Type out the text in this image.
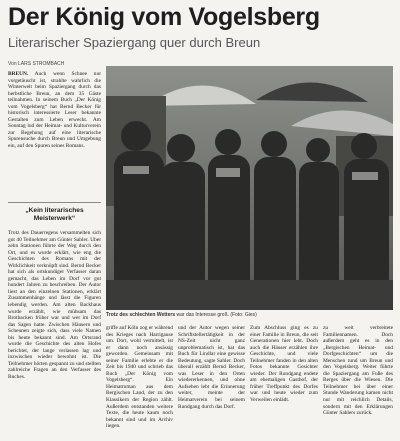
Der König vom Vogelsberg
Literarischer Spaziergang quer durch Breun
Von LARS STROMBACH
BREUN. Auch wenn Schnee nur vorgetäuscht ist, strahlte wahrlich die Winterwelt beim Spaziergang durch das herbstliche Breun, an dem 35 Gäste teilnahmen. In seinem Buch „Der König vom Vogelsberg“ hat Bernd Becker für historisch interessierte Leser bekannte Gestalten zum Leben erweckt. Am Sonntag lud der Heimat- und Kulturverein zur Begehung auf eine literarische Spurensuche durch Breun und Umgebung ein, auf den Spuren seines Romans.
„Kein literarisches Meisterwerk“

Trotz des Dauerregens versammelten sich gut 40 Teilnehmer am Günter Sahler. Uber zehn Stationen führte der Weg durch den Ort, und es wurde erklärt, wie eng die Geschichten des Romans mit der Wirklichkeit verknüpft sind. Bernd Becker hat sich als ortskundiger Verfasser daran gemacht, das Leben im Dorf vor gut hundert Jahren zu beschreiben. Der Autor liest an den einzelnen Stationen, erklärt Zusammenhänge und lässt die Figuren lebendig werden. Am alten Backhaus wurde erzählt, wie mühsam das Brotbacken früher war und wer im Dorf das Sagen hatte. Zwischen Häusern und Scheunen zeigte sich, dass viele Namen bis heute bekannt sind. Am Ortsrand wurde die Geschichte des alten Hofes berichtet, der lange verlassen lag und inzwischen wieder bewohnt ist. Die Teilnehmer hörten gespannt zu und stellten zahlreiche Fragen an den Verfasser des Buches.

Trotz des schlechten Wetters war das Interesse groß. (Foto: Gies)

griffe auf Köln zog er während des Krieges nach Harrigause um. Dort, wohl vermittelt, ist er dann noch ansässig geworden. Gemeinsam mit seiner Familie erlebte er die Zeit bis 1940 und schrieb das Buch „Der König vom Vogelsberg“. Ein Heimatroman aus dem Bergischen Land, der zu den Klassikern der Region zählt. Außerdem entstanden weitere Texte, die heute kaum noch bekannt sind und im Archiv liegen.

und der Autor wegen seiner Schriftstellertätigkeit in der NS-Zeit nicht ganz unproblematisch ist, hat das Buch für Lindlar eine gewisse Bedeutung, sagte Sahler. Doch überall erzählt Bernd Becker, was Leser in den Orten wiedererkennen, und ohne Aufsehen lebt die Erinnerung weiter, meinte der Heimatverein bei seinem Rundgang durch das Dorf.

Zum Abschluss ging es zu einer Familie in Breun, die seit Generationen hier lebt. Doch auch die Häuser erzählen ihre Geschichte, und viele Teilnehmer fanden in den alten Fotos bekannte Gesichter wieder. Der Rundgang endete am ehemaligen Gasthof, der früher Treffpunkt des Dorfes war und heute wieder zum Verweilen einlädt.

zu weit verbreitete Familiennamen. Doch außerdem geht es in den „Bergischen Heimat- und Dorfgeschichten“ um die Menschen rund um Breun und den Vogelsberg. Weiter führte die Spaziergang am Fuße des Berges über die Wiesen. Die Teilnehmer bei über einer Stunde Wanderung kamen nicht nur mit reichlich Details, sondern mit den Erklärungen Günter Sahlers zurück.
